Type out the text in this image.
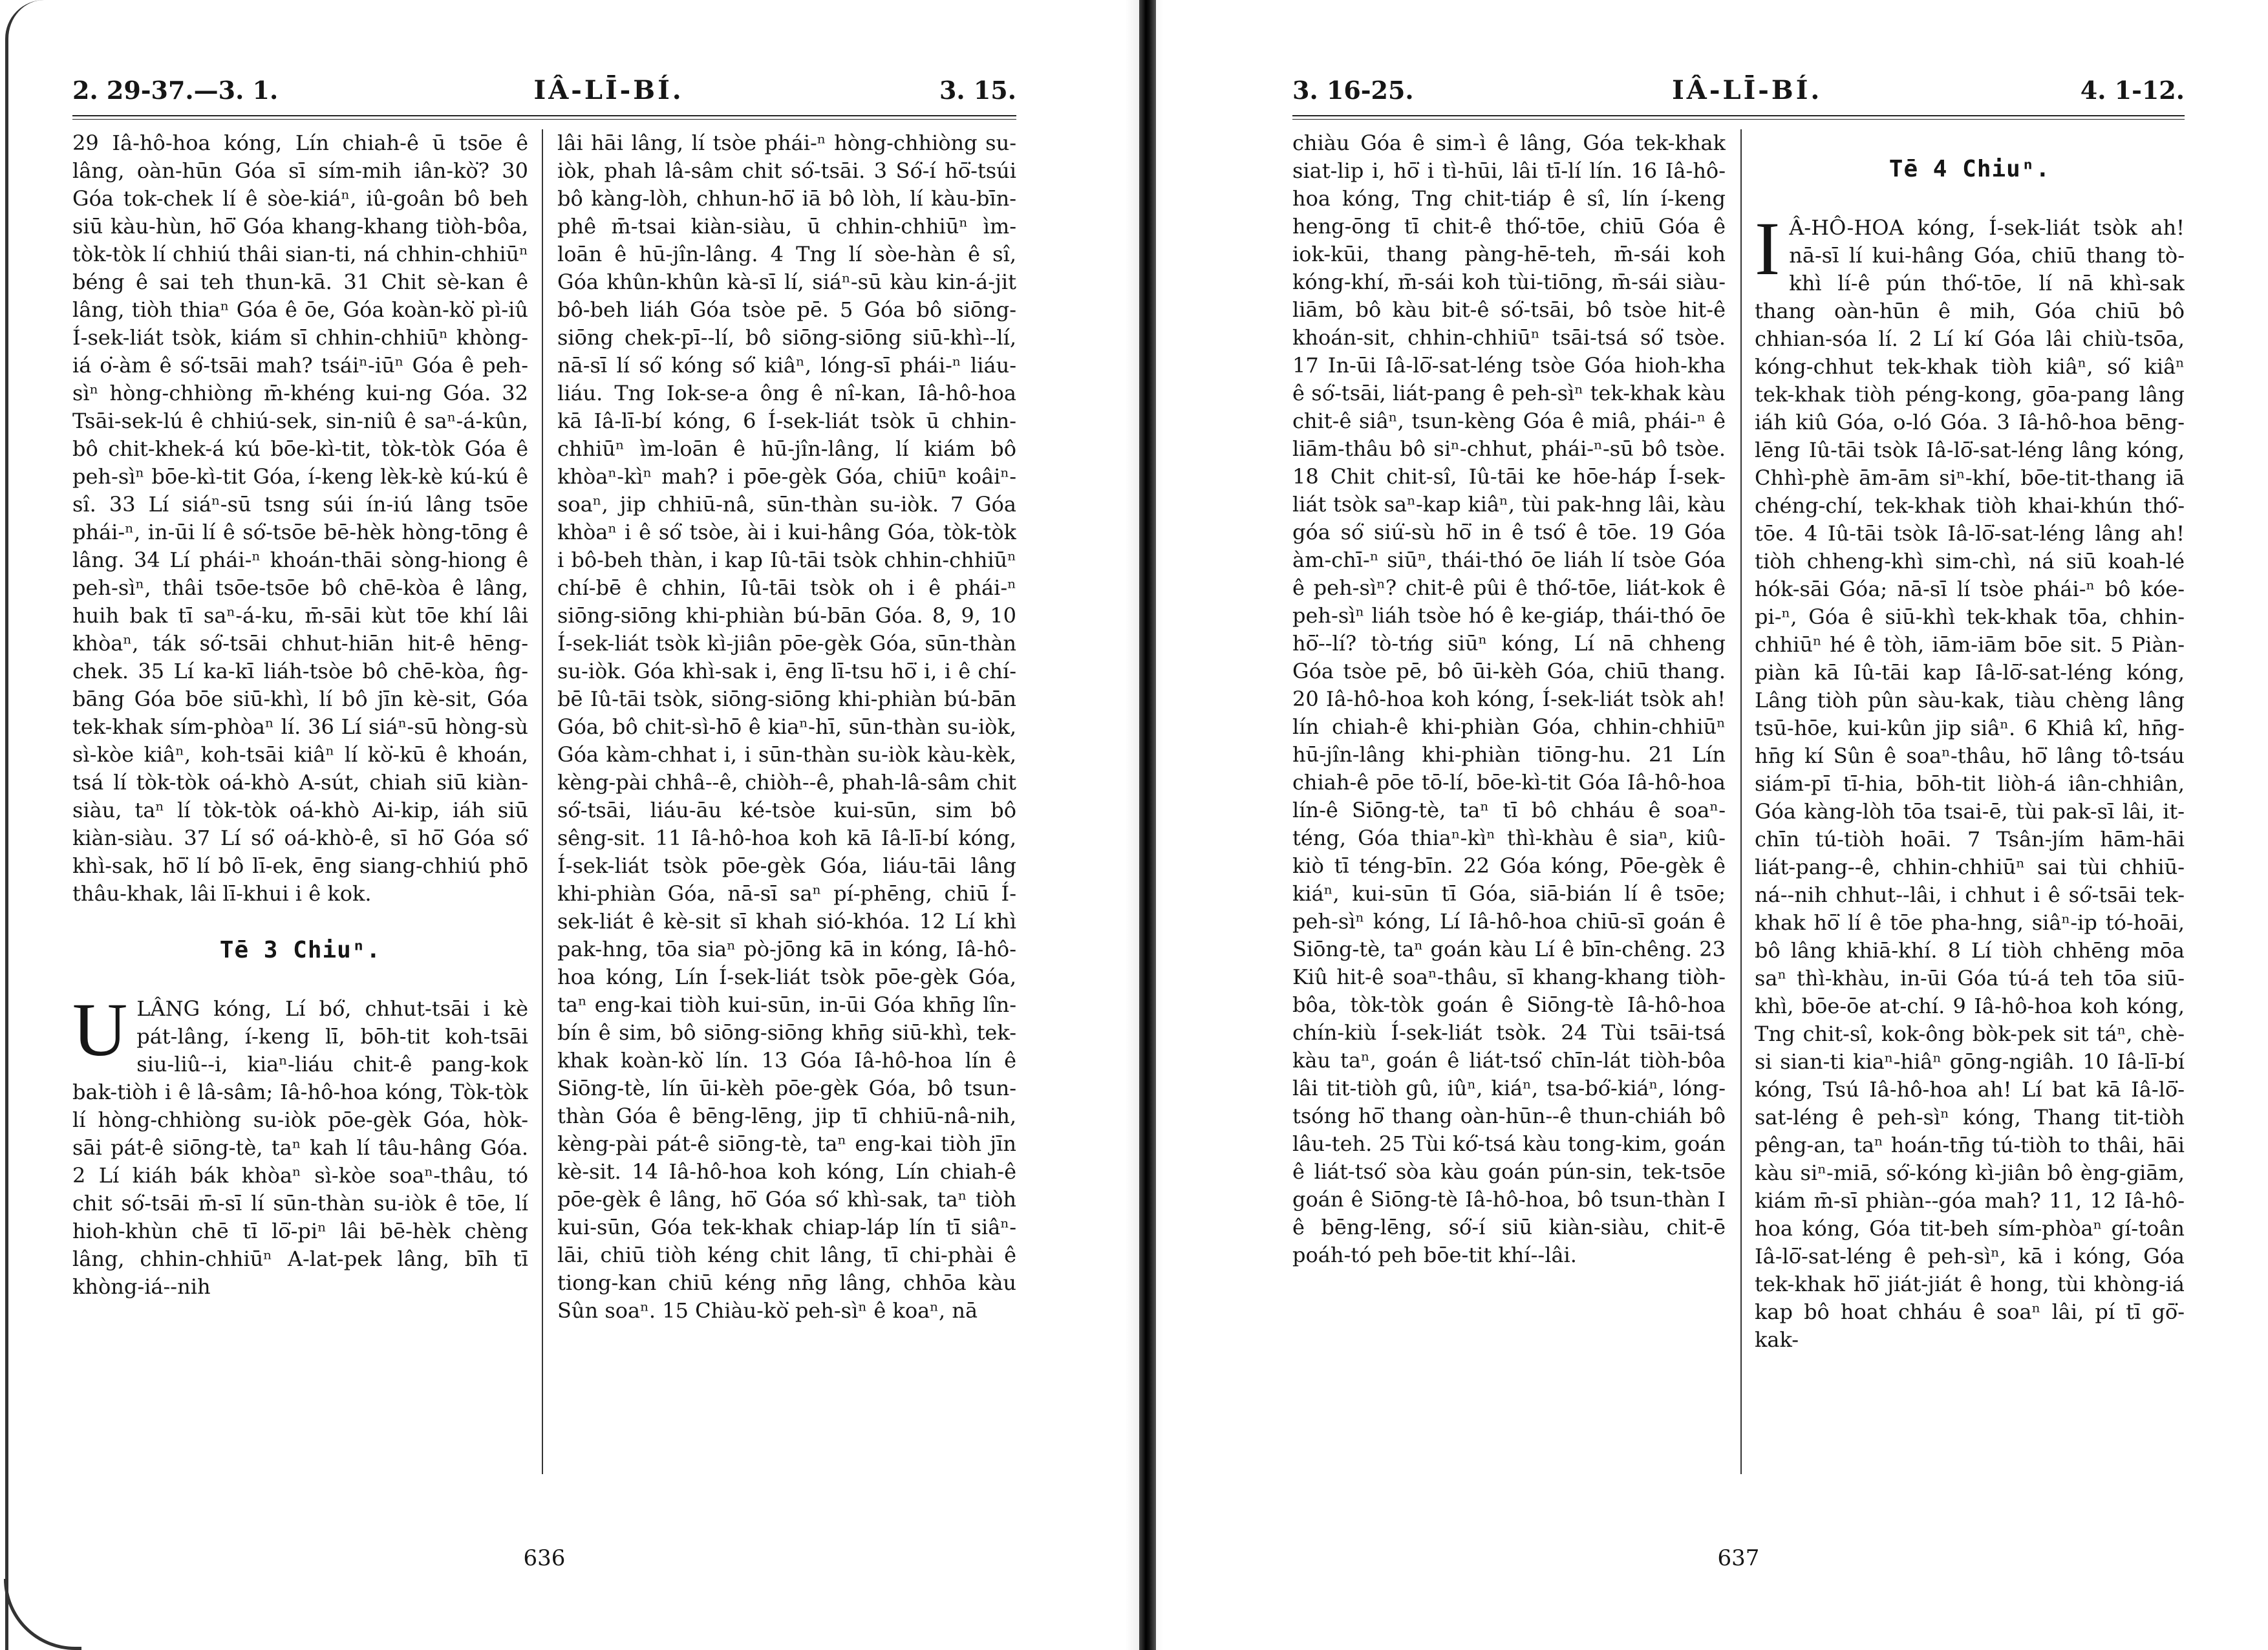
2. 29-37.—3. 1.	IÂ-LĪ-BÍ.	3. 15.

29 Iâ-hô-hoa kóng, Lín chiah-ê ū tsōe ê lâng, oàn-hūn Góa sī sím-mih iân-kò͘? 30 Góa tok-chek lí ê sòe-kiáⁿ, iû-goân bô beh siū kàu-hùn, hō͘ Góa khang-khang tiòh-bôa, tòk-tòk lí chhiú thâi sian-ti, ná chhin-chhiūⁿ béng ê sai teh thun-kā. 31 Chit sè-kan ê lâng, tiòh thiaⁿ Góa ê ōe, Góa koàn-kò͘ pì-iû Í-sek-liát tsòk, kiám sī chhin-chhiūⁿ khòng-iá o͘-àm ê só͘-tsāi mah? tsáiⁿ-iūⁿ Góa ê peh-sìⁿ hòng-chhiòng m̄-khéng kui-ng Góa. 32 Tsāi-sek-lú ê chhiú-sek, sin-niû ê saⁿ-á-kûn, bô chit-khek-á kú bōe-kì-tit, tòk-tòk Góa ê peh-sìⁿ bōe-kì-tit Góa, í-keng lèk-kè kú-kú ê sî. 33 Lí siáⁿ-sū tsng súi ín-iú lâng tsōe phái-ⁿ, in-ūi lí ê só͘-tsōe bē-hèk hòng-tōng ê lâng. 34 Lí phái-ⁿ khoán-thāi sòng-hiong ê peh-sìⁿ, thâi tsōe-tsōe bô chē-kòa ê lâng, huih bak tī saⁿ-á-ku, m̄-sāi kùt tōe khí lâi khòaⁿ, ták só͘-tsāi chhut-hiān hit-ê hēng-chek. 35 Lí ka-kī liáh-tsòe bô chē-kòa, n̂g-bāng Góa bōe siū-khì, lí bô jīn kè-sit, Góa tek-khak sím-phòaⁿ lí. 36 Lí siáⁿ-sū hòng-sù sì-kòe kiâⁿ, koh-tsāi kiâⁿ lí kò͘-kū ê khoán, tsá lí tòk-tòk oá-khò A-sút, chiah siū kiàn-siàu, taⁿ lí tòk-tòk oá-khò Ai-kip, iáh siū kiàn-siàu. 37 Lí só͘ oá-khò-ê, sī hō͘ Góa só͘ khì-sak, hō͘ lí bô lī-ek, ēng siang-chhiú phō thâu-khak, lâi lī-khui i ê kok.

Tē 3 Chiuⁿ.
U LÂNG kóng, Lí bó͘, chhut-tsāi i kè pát-lâng, í-keng lī, bōh-tit koh-tsāi siu-liû--i, kiaⁿ-liáu chit-ê pang-kok bak-tiòh i ê lâ-sâm; Iâ-hô-hoa kóng, Tòk-tòk lí hòng-chhiòng su-iòk pōe-gèk Góa, hòk-sāi pát-ê siōng-tè, taⁿ kah lí tâu-hâng Góa. 2 Lí kiáh bák khòaⁿ sì-kòe soaⁿ-thâu, tó chit só͘-tsāi m̄-sī lí sūn-thàn su-iòk ê tōe, lí hioh-khùn chē tī lō͘-piⁿ lâi bē-hèk chèng lâng, chhin-chhiūⁿ A-lat-pek lâng, bīh tī khòng-iá--nih

lâi hāi lâng, lí tsòe phái-ⁿ hòng-chhiòng su-iòk, phah lâ-sâm chit só͘-tsāi. 3 Só͘-í hō͘-tsúi bô kàng-lòh, chhun-hō͘ iā bô lòh, lí kàu-bīn-phê m̄-tsai kiàn-siàu, ū chhin-chhiūⁿ ìm-loān ê hū-jîn-lâng. 4 Tng lí sòe-hàn ê sî, Góa khûn-khûn kà-sī lí, siáⁿ-sū kàu kin-á-jit bô-beh liáh Góa tsòe pē. 5 Góa bô siōng-siōng chek-pī--lí, bô siōng-siōng siū-khì--lí, nā-sī lí só͘ kóng só͘ kiâⁿ, lóng-sī phái-ⁿ liáu-liáu. Tng Iok-se-a ông ê nî-kan, Iâ-hô-hoa kā Iâ-lī-bí kóng, 6 Í-sek-liát tsòk ū chhin-chhiūⁿ ìm-loān ê hū-jîn-lâng, lí kiám bô khòaⁿ-kìⁿ mah? i pōe-gèk Góa, chiūⁿ koâiⁿ-soaⁿ, jip chhiū-nâ, sūn-thàn su-iòk. 7 Góa khòaⁿ i ê só͘ tsòe, ài i kui-hâng Góa, tòk-tòk i bô-beh thàn, i kap Iû-tāi tsòk chhin-chhiūⁿ chí-bē ê chhin, Iû-tāi tsòk oh i ê phái-ⁿ siōng-siōng khi-phiàn bú-bān Góa. 8, 9, 10 Í-sek-liát tsòk kì-jiân pōe-gèk Góa, sūn-thàn su-iòk. Góa khì-sak i, ēng lī-tsu hō͘ i, i ê chí-bē Iû-tāi tsòk, siōng-siōng khi-phiàn bú-bān Góa, bô chit-sì-hō ê kiaⁿ-hī, sūn-thàn su-iòk, Góa kàm-chhat i, i sūn-thàn su-iòk kàu-kèk, kèng-pài chhâ--ê, chiòh--ê, phah-lâ-sâm chit só͘-tsāi, liáu-āu ké-tsòe kui-sūn, sim bô sêng-sit. 11 Iâ-hô-hoa koh kā Iâ-lī-bí kóng, Í-sek-liát tsòk pōe-gèk Góa, liáu-tāi lâng khi-phiàn Góa, nā-sī saⁿ pí-phēng, chiū Í-sek-liát ê kè-sit sī khah sió-khóa. 12 Lí khì pak-hng, tōa siaⁿ pò-jōng kā in kóng, Iâ-hô-hoa kóng, Lín Í-sek-liát tsòk pōe-gèk Góa, taⁿ eng-kai tiòh kui-sūn, in-ūi Góa khn̄g lîn-bín ê sim, bô siōng-siōng khn̄g siū-khì, tek-khak koàn-kò͘ lín. 13 Góa Iâ-hô-hoa lín ê Siōng-tè, lín ūi-kèh pōe-gèk Góa, bô tsun-thàn Góa ê bēng-lēng, jip tī chhiū-nâ-nih, kèng-pài pát-ê siōng-tè, taⁿ eng-kai tiòh jīn kè-sit. 14 Iâ-hô-hoa koh kóng, Lín chiah-ê pōe-gèk ê lâng, hō͘ Góa só͘ khì-sak, taⁿ tiòh kui-sūn, Góa tek-khak chiap-láp lín tī siâⁿ-lāi, chiū tiòh kéng chit lâng, tī chi-phài ê tiong-kan chiū kéng nn̄g lâng, chhōa kàu Sûn soaⁿ. 15 Chiàu-kò͘ peh-sìⁿ ê koaⁿ, nā

636
3. 16-25.	IÂ-LĪ-BÍ.	4. 1-12.

chiàu Góa ê sim-ì ê lâng, Góa tek-khak siat-lip i, hō͘ i tì-hūi, lâi tī-lí lín. 16 Iâ-hô-hoa kóng, Tng chit-tiáp ê sî, lín í-keng heng-ōng tī chit-ê thó͘-tōe, chiū Góa ê iok-kūi, thang pàng-hē-teh, m̄-sái koh kóng-khí, m̄-sái koh tùi-tiōng, m̄-sái siàu-liām, bô kàu bit-ê só͘-tsāi, bô tsòe hit-ê khoán-sit, chhin-chhiūⁿ tsāi-tsá só͘ tsòe. 17 In-ūi Iâ-lō͘-sat-léng tsòe Góa hioh-kha ê só͘-tsāi, liát-pang ê peh-sìⁿ tek-khak kàu chit-ê siâⁿ, tsun-kèng Góa ê miâ, phái-ⁿ ê liām-thâu bô siⁿ-chhut, phái-ⁿ-sū bô tsòe. 18 Chit chit-sî, Iû-tāi ke hōe-háp Í-sek-liát tsòk saⁿ-kap kiâⁿ, tùi pak-hng lâi, kàu góa só͘ siú͘-sù hō͘ in ê tsó͘ ê tōe. 19 Góa àm-chī-ⁿ siūⁿ, thái-thó ōe liáh lí tsòe Góa ê peh-sìⁿ? chit-ê pûi ê thó͘-tōe, liát-kok ê peh-sìⁿ liáh tsòe hó ê ke-giáp, thái-thó ōe hō͘--lí? tò-tńg siūⁿ kóng, Lí nā chheng Góa tsòe pē, bô ūi-kèh Góa, chiū thang. 20 Iâ-hô-hoa koh kóng, Í-sek-liát tsòk ah! lín chiah-ê khi-phiàn Góa, chhin-chhiūⁿ hū-jîn-lâng khi-phiàn tiōng-hu. 21 Lín chiah-ê pōe tō-lí, bōe-kì-tit Góa Iâ-hô-hoa lín-ê Siōng-tè, taⁿ tī bô chháu ê soaⁿ-téng, Góa thiaⁿ-kìⁿ thì-khàu ê siaⁿ, kiû-kiò tī téng-bīn. 22 Góa kóng, Pōe-gèk ê kiáⁿ, kui-sūn tī Góa, siā-bián lí ê tsōe; peh-sìⁿ kóng, Lí Iâ-hô-hoa chiū-sī goán ê Siōng-tè, taⁿ goán kàu Lí ê bīn-chêng. 23 Kiû hit-ê soaⁿ-thâu, sī khang-khang tiòh-bôa, tòk-tòk goán ê Siōng-tè Iâ-hô-hoa chín-kiù Í-sek-liát tsòk. 24 Tùi tsāi-tsá kàu taⁿ, goán ê liát-tsó͘ chīn-lát tiòh-bôa lâi tit-tiòh gû, iûⁿ, kiáⁿ, tsa-bó͘-kiáⁿ, lóng-tsóng hō͘ thang oàn-hūn--ê thun-chiáh bô lâu-teh. 25 Tùi kó͘-tsá kàu tong-kim, goán ê liát-tsó͘ sòa kàu goán pún-sin, tek-tsōe goán ê Siōng-tè Iâ-hô-hoa, bô tsun-thàn I ê bēng-lēng, só͘-í siū kiàn-siàu, chit-ē poáh-tó peh bōe-tit khí--lâi.

Tē 4 Chiuⁿ.
I Â-HÔ-HOA kóng, Í-sek-liát tsòk ah! nā-sī lí kui-hâng Góa, chiū thang tò-khì lí-ê pún thó͘-tōe, lí nā khì-sak thang oàn-hūn ê mih, Góa chiū bô chhian-sóa lí. 2 Lí kí Góa lâi chiù-tsōa, kóng-chhut tek-khak tiòh kiâⁿ, só͘ kiâⁿ tek-khak tiòh péng-kong, gōa-pang lâng iáh kiû Góa, o-ló Góa. 3 Iâ-hô-hoa bēng-lēng Iû-tāi tsòk Iâ-lō͘-sat-léng lâng kóng, Chhì-phè ām-ām siⁿ-khí, bōe-tit-thang iā chéng-chí, tek-khak tiòh khai-khún thó͘-tōe. 4 Iû-tāi tsòk Iâ-lō͘-sat-léng lâng ah! tiòh chheng-khì sim-chì, ná siū koah-lé hók-sāi Góa; nā-sī lí tsòe phái-ⁿ bô kóe-pi-ⁿ, Góa ê siū-khì tek-khak tōa, chhin-chhiūⁿ hé ê tòh, iām-iām bōe sit. 5 Piàn-piàn kā Iû-tāi kap Iâ-lō͘-sat-léng kóng, Lâng tiòh pûn sàu-kak, tiàu chèng lâng tsū-hōe, kui-kûn jip siâⁿ. 6 Khiâ kî, hn̄g-hn̄g kí Sûn ê soaⁿ-thâu, hō͘ lâng tô-tsáu siám-pī tī-hia, bōh-tit liòh-á iân-chhiân, Góa kàng-lòh tōa tsai-ē, tùi pak-sī lâi, it-chīn tú-tiòh hoāi. 7 Tsân-jím hām-hāi liát-pang--ê, chhin-chhiūⁿ sai tùi chhiū-ná--nih chhut--lâi, i chhut i ê só͘-tsāi tek-khak hō͘ lí ê tōe pha-hng, siâⁿ-ip tó-hoāi, bô lâng khiā-khí. 8 Lí tiòh chhēng mōa saⁿ thì-khàu, in-ūi Góa tú-á teh tōa siū-khì, bōe-ōe at-chí. 9 Iâ-hô-hoa koh kóng, Tng chit-sî, kok-ông bòk-pek sit táⁿ, chè-si sian-ti kiaⁿ-hiâⁿ gōng-ngiâh. 10 Iâ-lī-bí kóng, Tsú Iâ-hô-hoa ah! Lí bat kā Iâ-lō͘-sat-léng ê peh-sìⁿ kóng, Thang tit-tiòh pêng-an, taⁿ hoán-tn̄g tú-tiòh to thâi, hāi kàu siⁿ-miā, só͘-kóng kì-jiân bô èng-giām, kiám m̄-sī phiàn--góa mah? 11, 12 Iâ-hô-hoa kóng, Góa tit-beh sím-phòaⁿ gí-toân Iâ-lō͘-sat-léng ê peh-sìⁿ, kā i kóng, Góa tek-khak hō͘ jiát-jiát ê hong, tùi khòng-iá kap bô hoat chháu ê soaⁿ lâi, pí tī gō͘-kak-
637
